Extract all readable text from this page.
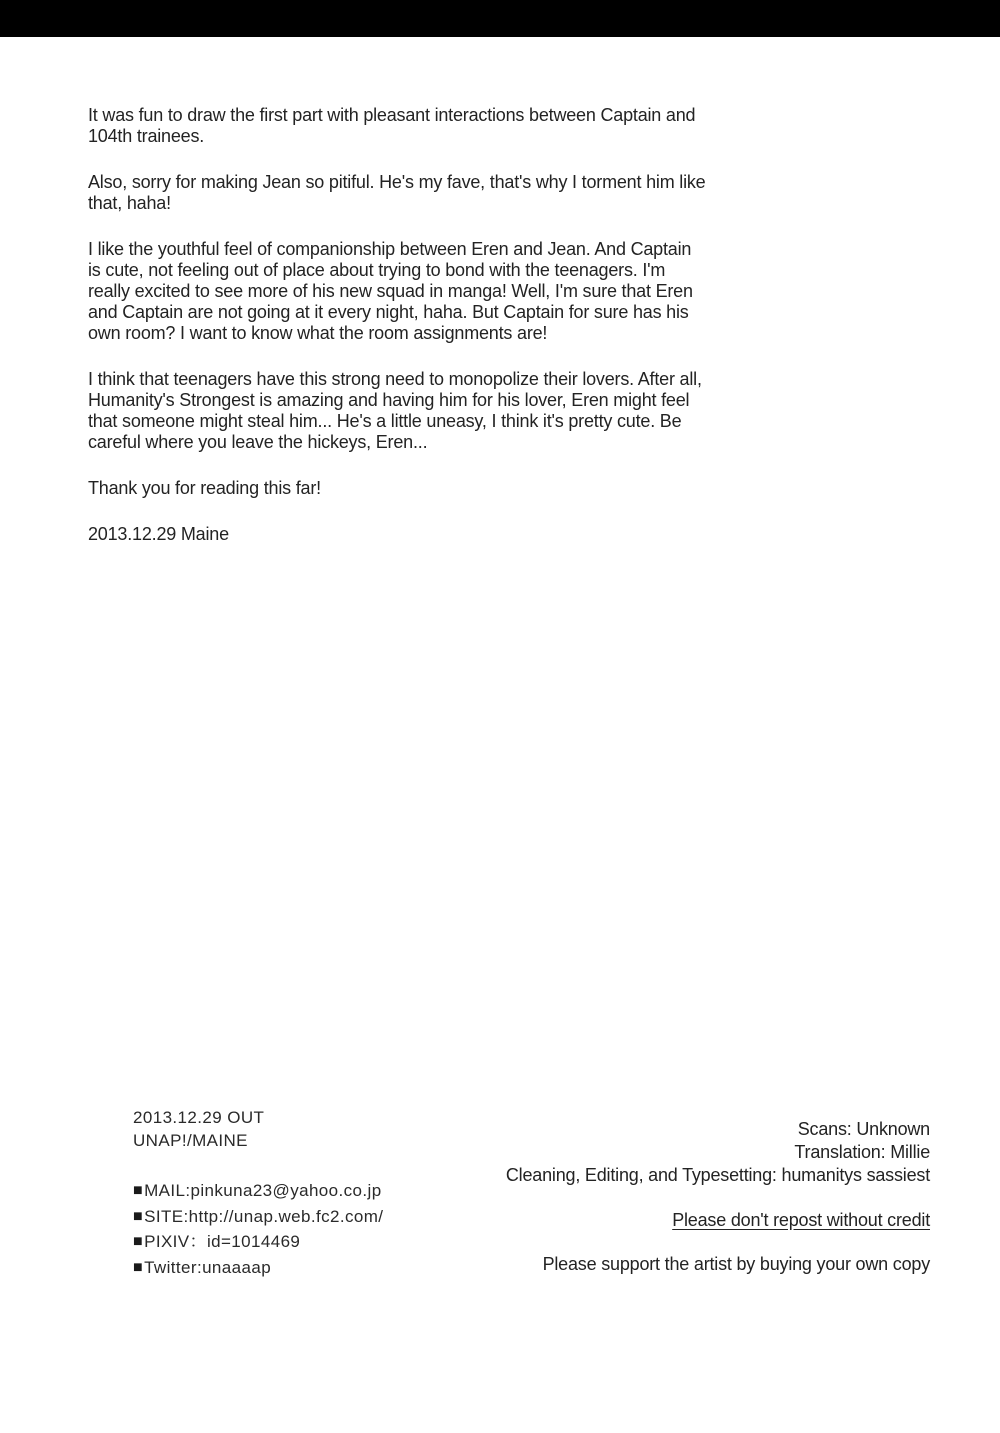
It was fun to draw the first part with pleasant interactions between Captain and
104th trainees.
Also, sorry for making Jean so pitiful. He's my fave, that's why I torment him like
that, haha!
I like the youthful feel of companionship between Eren and Jean. And Captain
is cute, not feeling out of place about trying to bond with the teenagers. I'm
really excited to see more of his new squad in manga! Well, I'm sure that Eren
and Captain are not going at it every night, haha. But Captain for sure has his
own room? I want to know what the room assignments are!
I think that teenagers have this strong need to monopolize their lovers. After all,
Humanity's Strongest is amazing and having him for his lover, Eren might feel
that someone might steal him... He's a little uneasy, I think it's pretty cute. Be
careful where you leave the hickeys, Eren...
Thank you for reading this far!
2013.12.29 Maine
2013.12.29 OUT
UNAP!/MAINE
■MAIL:pinkuna23@yahoo.co.jp
■SITE:http://unap.web.fc2.com/
■PIXIV：id=1014469
■Twitter:unaaaap
Scans: Unknown
Translation: Millie
Cleaning, Editing, and Typesetting: humanitys sassiest
Please don't repost without credit
Please support the artist by buying your own copy
